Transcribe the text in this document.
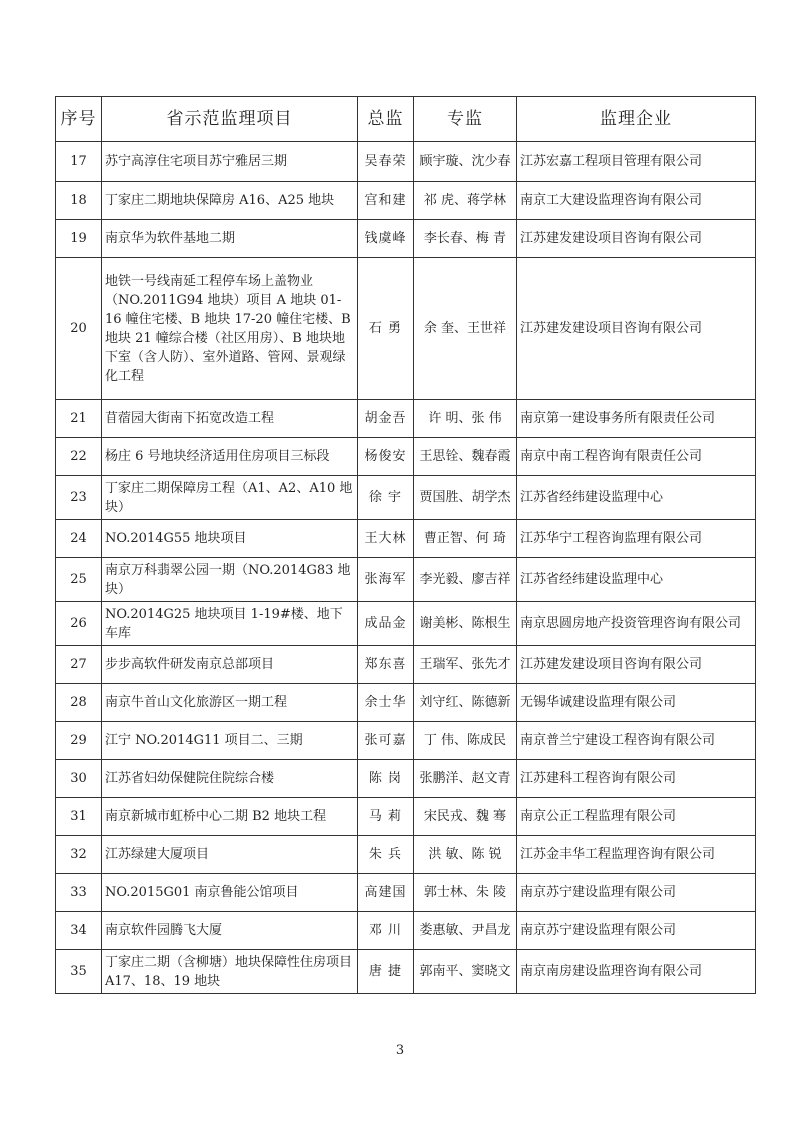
序号	省示范监理项目	总监	专监	监理企业
17	苏宁高淳住宅项目苏宁雅居三期	吴春荣	顾宇璇、沈少春	江苏宏嘉工程项目管理有限公司
18	丁家庄二期地块保障房 A16、A25 地块	宫和建	祁 虎、蒋学林	南京工大建设监理咨询有限公司
19	南京华为软件基地二期	钱虞峰	李长春、梅 青	江苏建发建设项目咨询有限公司
20	地铁一号线南延工程停车场上盖物业（NO.2011G94 地块）项目 A 地块 01-16 幢住宅楼、B 地块 17-20 幢住宅楼、B 地块 21 幢综合楼（社区用房）、B 地块地下室（含人防）、室外道路、管网、景观绿化工程	石 勇	余 奎、王世祥	江苏建发建设项目咨询有限公司
21	苜蓿园大街南下拓宽改造工程	胡金吾	许 明、张 伟	南京第一建设事务所有限责任公司
22	杨庄 6 号地块经济适用住房项目三标段	杨俊安	王思铨、魏春霞	南京中南工程咨询有限责任公司
23	丁家庄二期保障房工程（A1、A2、A10 地块）	徐 宇	贾国胜、胡学杰	江苏省经纬建设监理中心
24	NO.2014G55 地块项目	王大林	曹正智、何 琦	江苏华宁工程咨询监理有限公司
25	南京万科翡翠公园一期（NO.2014G83 地块）	张海军	李光毅、廖吉祥	江苏省经纬建设监理中心
26	NO.2014G25 地块项目 1-19#楼、地下车库	成品金	谢美彬、陈根生	南京思圆房地产投资管理咨询有限公司
27	步步高软件研发南京总部项目	郑东喜	王瑞军、张先才	江苏建发建设项目咨询有限公司
28	南京牛首山文化旅游区一期工程	余士华	刘守红、陈德新	无锡华诚建设监理有限公司
29	江宁 NO.2014G11 项目二、三期	张可嘉	丁 伟、陈成民	南京普兰宁建设工程咨询有限公司
30	江苏省妇幼保健院住院综合楼	陈 岗	张鹏洋、赵文青	江苏建科工程咨询有限公司
31	南京新城市虹桥中心二期 B2 地块工程	马 莉	宋民戎、魏 骞	南京公正工程监理有限公司
32	江苏绿建大厦项目	朱 兵	洪 敏、陈 锐	江苏金丰华工程监理咨询有限公司
33	NO.2015G01 南京鲁能公馆项目	高建国	郭士林、朱 陵	南京苏宁建设监理有限公司
34	南京软件园腾飞大厦	邓 川	娄惠敏、尹昌龙	南京苏宁建设监理有限公司
35	丁家庄二期（含柳塘）地块保障性住房项目 A17、18、19 地块	唐 捷	郭南平、窦晓文	南京南房建设监理咨询有限公司
3
